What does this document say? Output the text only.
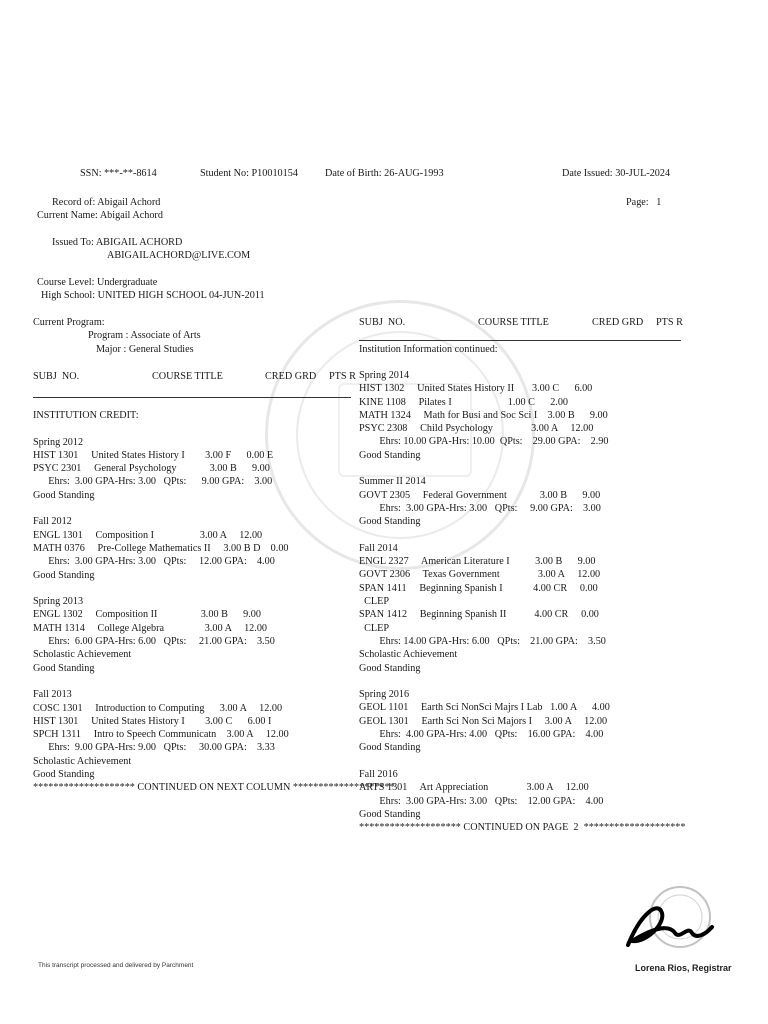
SSN: ***-**-8614	Student No: P10010154	Date of Birth: 26-AUG-1993	Date Issued: 30-JUL-2024
Record of: Abigail Achord	Page: 1
Current Name: Abigail Achord
Issued To: ABIGAIL ACHORD
ABIGAILACHORD@LIVE.COM
Course Level: Undergraduate
High School: UNITED HIGH SCHOOL 04-JUN-2011
Current Program:
Program : Associate of Arts
Major : General Studies
SUBJ  NO.	COURSE TITLE	CRED GRD PTS R
SUBJ  NO.	COURSE TITLE	CRED GRD PTS R
Institution Information continued:
INSTITUTION CREDIT:

Spring 2012
HIST 1301     United States History I        3.00 F      0.00 E
PSYC 2301     General Psychology             3.00 B      9.00
Ehrs:  3.00 GPA-Hrs: 3.00   QPts:      9.00 GPA:    3.00
Good Standing

Fall 2012
ENGL 1301     Composition I                  3.00 A     12.00
MATH 0376     Pre-College Mathematics II     3.00 B D    0.00
Ehrs:  3.00 GPA-Hrs: 3.00   QPts:     12.00 GPA:    4.00
Good Standing

Spring 2013
ENGL 1302     Composition II                 3.00 B      9.00
MATH 1314     College Algebra                3.00 A     12.00
Ehrs:  6.00 GPA-Hrs: 6.00   QPts:     21.00 GPA:    3.50
Scholastic Achievement
Good Standing

Fall 2013
COSC 1301     Introduction to Computing      3.00 A     12.00
HIST 1301     United States History I        3.00 C      6.00 I
SPCH 1311     Intro to Speech Communicatn    3.00 A     12.00
Ehrs:  9.00 GPA-Hrs: 9.00   QPts:     30.00 GPA:    3.33
Scholastic Achievement
Good Standing
******************** CONTINUED ON NEXT COLUMN ********************
Spring 2014
HIST 1302     United States History II       3.00 C      6.00
KINE 1108     Pilates I                      1.00 C      2.00
MATH 1324     Math for Busi and Soc Sci I    3.00 B      9.00
PSYC 2308     Child Psychology               3.00 A     12.00
Ehrs: 10.00 GPA-Hrs: 10.00  QPts:    29.00 GPA:    2.90
Good Standing

Summer II 2014
GOVT 2305     Federal Government             3.00 B      9.00
Ehrs:  3.00 GPA-Hrs: 3.00   QPts:     9.00 GPA:    3.00
Good Standing

Fall 2014
ENGL 2327     American Literature I          3.00 B      9.00
GOVT 2306     Texas Government               3.00 A     12.00
SPAN 1411     Beginning Spanish I            4.00 CR     0.00
CLEP
SPAN 1412     Beginning Spanish II           4.00 CR     0.00
CLEP
Ehrs: 14.00 GPA-Hrs: 6.00   QPts:    21.00 GPA:    3.50
Scholastic Achievement
Good Standing

Spring 2016
GEOL 1101     Earth Sci NonSci Majrs I Lab   1.00 A      4.00
GEOL 1301     Earth Sci Non Sci Majors I     3.00 A     12.00
Ehrs:  4.00 GPA-Hrs: 4.00   QPts:    16.00 GPA:    4.00
Good Standing

Fall 2016
ARTS 1301     Art Appreciation               3.00 A     12.00
Ehrs:  3.00 GPA-Hrs: 3.00   QPts:    12.00 GPA:    4.00
Good Standing
******************** CONTINUED ON PAGE  2  ********************
This transcript processed and delivered by Parchment	Lorena Rios, Registrar
